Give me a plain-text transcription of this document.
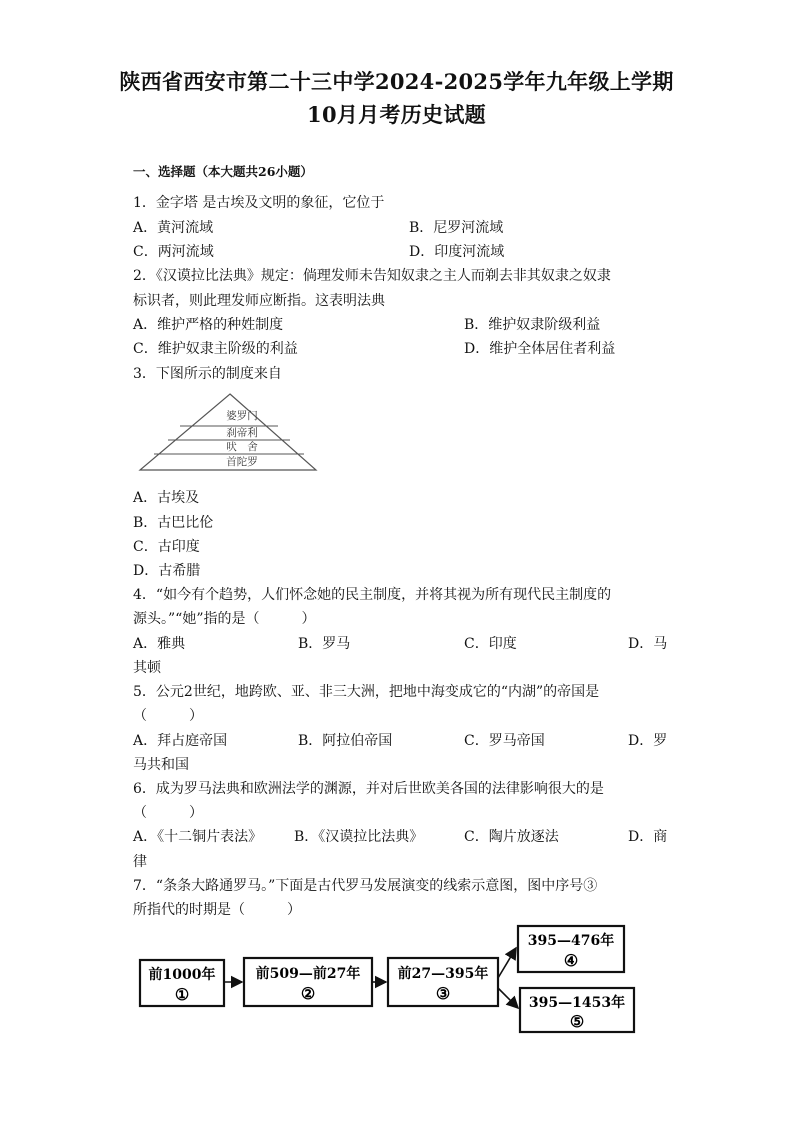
陕西省西安市第二十三中学2024-2025学年九年级上学期
10月月考历史试题
一、选择题（本大题共26小题）
1．金字塔 是古埃及文明的象征，它位于
A．黄河流域	B．尼罗河流域
C．两河流域	D．印度河流域
2．《汉谟拉比法典》规定：倘理发师未告知奴隶之主人而剃去非其奴隶之奴隶
标识者，则此理发师应断指。这表明法典
A．维护严格的种姓制度	B．维护奴隶阶级利益
C．维护奴隶主阶级的利益	D．维护全体居住者利益
3．下图所示的制度来自
婆罗门
刹帝利
吠　舍
首陀罗
A．古埃及
B．古巴比伦
C．古印度
D．古希腊
4．“如今有个趋势，人们怀念她的民主制度，并将其视为所有现代民主制度的
源头。”“她”指的是（　　　）
A．雅典	B．罗马	C．印度	D．马
其顿
5．公元2世纪，地跨欧、亚、非三大洲，把地中海变成它的“内湖”的帝国是
（　　　）
A．拜占庭帝国	B．阿拉伯帝国	C．罗马帝国	D．罗
马共和国
6．成为罗马法典和欧洲法学的渊源，并对后世欧美各国的法律影响很大的是
（　　　）
A．《十二铜片表法》 B．《汉谟拉比法典》	C．陶片放逐法	D．商
律
7．“条条大路通罗马。”下面是古代罗马发展演变的线索示意图，图中序号③
所指代的时期是（　　　）
前1000年
①
前509—前27年
②
前27—395年
③
395—476年
④
395—1453年
⑤
